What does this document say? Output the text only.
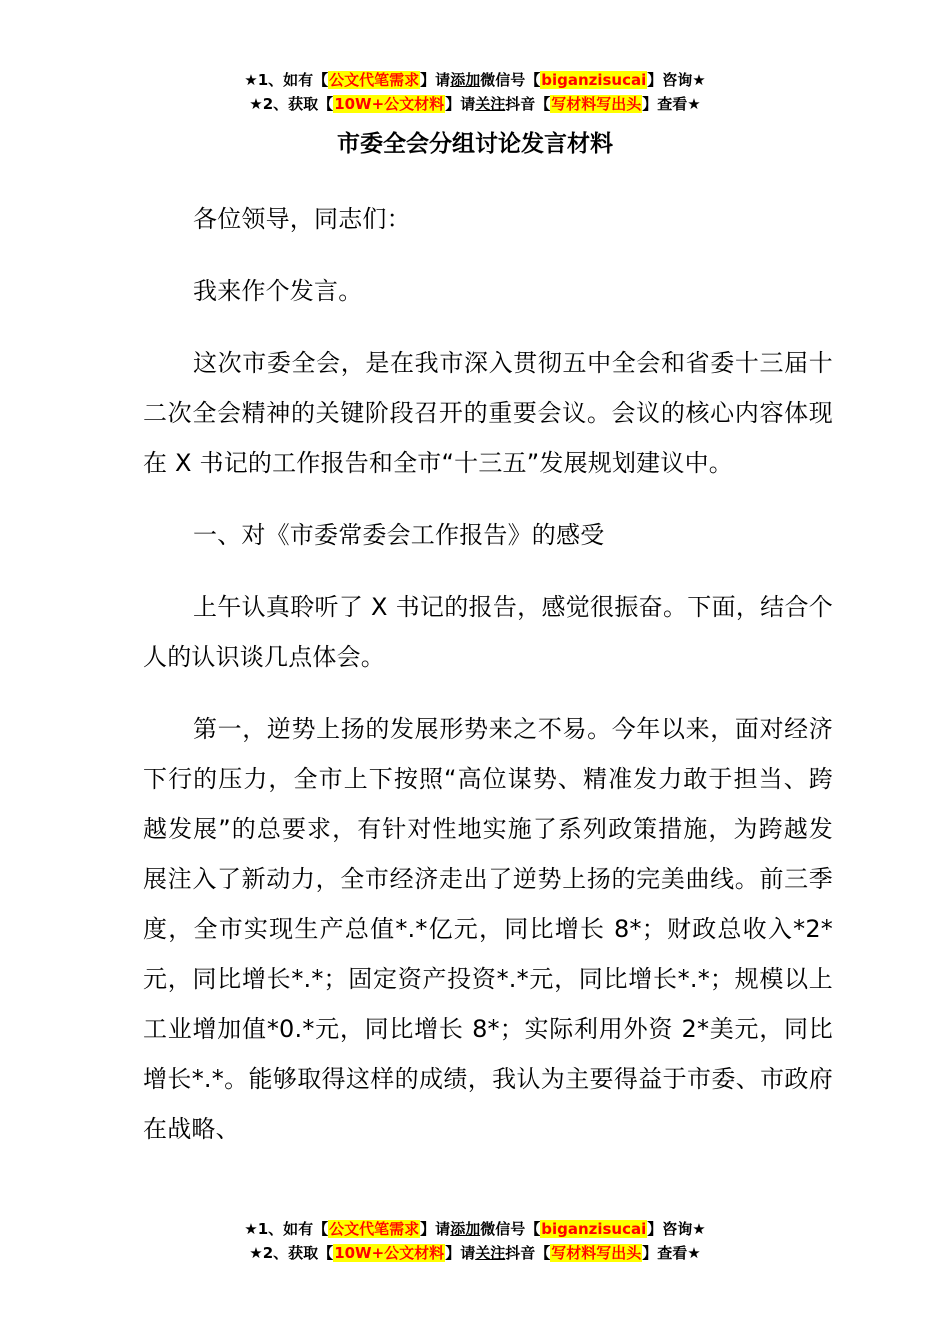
★1、如有【公文代笔需求】请添加微信号【biganzisucai】咨询★
★2、获取【10W+公文材料】请关注抖音【写材料写出头】查看★
市委全会分组讨论发言材料

各位领导，同志们：

我来作个发言。

这次市委全会，是在我市深入贯彻五中全会和省委十三届十二次全会精神的关键阶段召开的重要会议。会议的核心内容体现在 X 书记的工作报告和全市“十三五”发展规划建议中。

一、对《市委常委会工作报告》的感受

上午认真聆听了 X 书记的报告，感觉很振奋。下面，结合个人的认识谈几点体会。

第一，逆势上扬的发展形势来之不易。今年以来，面对经济下行的压力，全市上下按照“高位谋势、精准发力敢于担当、跨越发展”的总要求，有针对性地实施了系列政策措施，为跨越发展注入了新动力，全市经济走出了逆势上扬的完美曲线。前三季度，全市实现生产总值*.*亿元，同比增长 8*；财政总收入*2*元，同比增长*.*；固定资产投资*.*元，同比增长*.*；规模以上工业增加值*0.*元，同比增长 8*；实际利用外资 2*美元，同比增长*.*。能够取得这样的成绩，我认为主要得益于市委、市政府在战略、

★1、如有【公文代笔需求】请添加微信号【biganzisucai】咨询★
★2、获取【10W+公文材料】请关注抖音【写材料写出头】查看★
